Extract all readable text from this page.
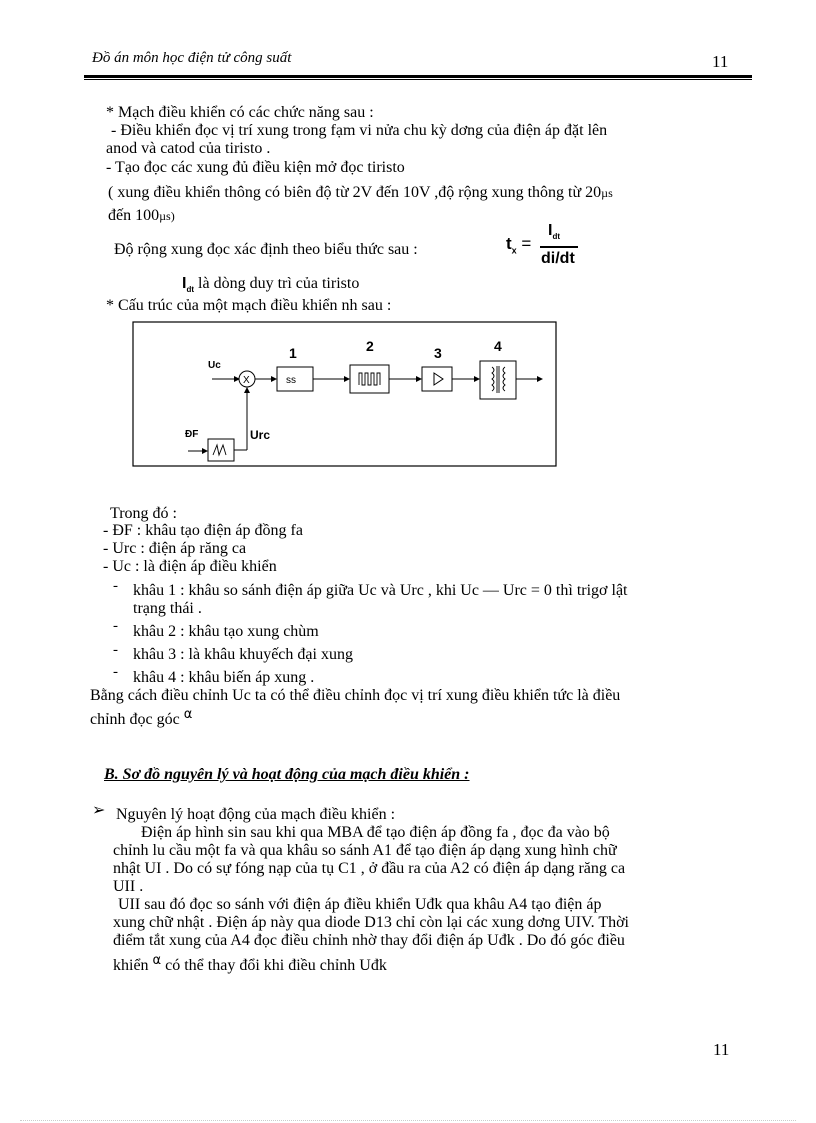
Đồ án môn học điện tử công suất	11
* Mạch điều khiển có các chức năng sau :
- Điều khiển đọc vị trí xung trong fạm vi nửa chu kỳ dơng của điện áp đặt lên
anod và catod của tiristo .
- Tạo đọc các xung đủ điều kiện mở đọc tiristo
( xung điều khiển thông có biên độ từ 2V đến 10V ,độ rộng xung thông từ 20µs
đến 100µs)
Độ rộng xung đọc xác định theo biểu thức sau :	$t_x$ =
$I_{dt}$
di/dt
$I_{dt}$ là dòng duy trì của tiristo
* Cấu trúc của một mạch điều khiển nh sau :
Uc
X
1
ss
2	3	4
ĐF	Urc
Trong đó :
- ĐF : khâu tạo điện áp đồng fa
- Urc : điện áp răng ca
- Uc : là điện áp điều khiển
- khâu 1 : khâu so sánh điện áp giữa Uc và Urc , khi Uc — Urc = 0 thì trigơ lật
trạng thái .
- khâu 2 : khâu tạo xung chùm
- khâu 3 : là khâu khuyếch đại xung
- khâu 4 : khâu biến áp xung .
Bằng cách điều chỉnh Uc ta có thể điều chỉnh đọc vị trí xung điều khiển tức là điều
chỉnh đọc góc $^\alpha$
B. Sơ đồ nguyên lý và hoạt động của mạch điều khiển :
➢ Nguyên lý hoạt động của mạch điều khiển :
Điện áp hình sin sau khi qua MBA để tạo điện áp đồng fa , đọc đa vào bộ
chỉnh lu cầu một fa và qua khâu so sánh A1 để tạo điện áp dạng xung hình chữ
nhật UI . Do có sự fóng nạp của tụ C1 , ở đầu ra của A2 có điện áp dạng răng ca
UII .
UII sau đó đọc so sánh với điện áp điều khiển Uđk qua khâu A4 tạo điện áp
xung chữ nhật . Điện áp này qua diode D13 chỉ còn lại các xung dơng UIV. Thời
điểm tắt xung của A4 đọc điều chỉnh nhờ thay đổi điện áp Uđk . Do đó góc điều
khiển $^\alpha$ có thể thay đổi khi điều chỉnh Uđk
11
